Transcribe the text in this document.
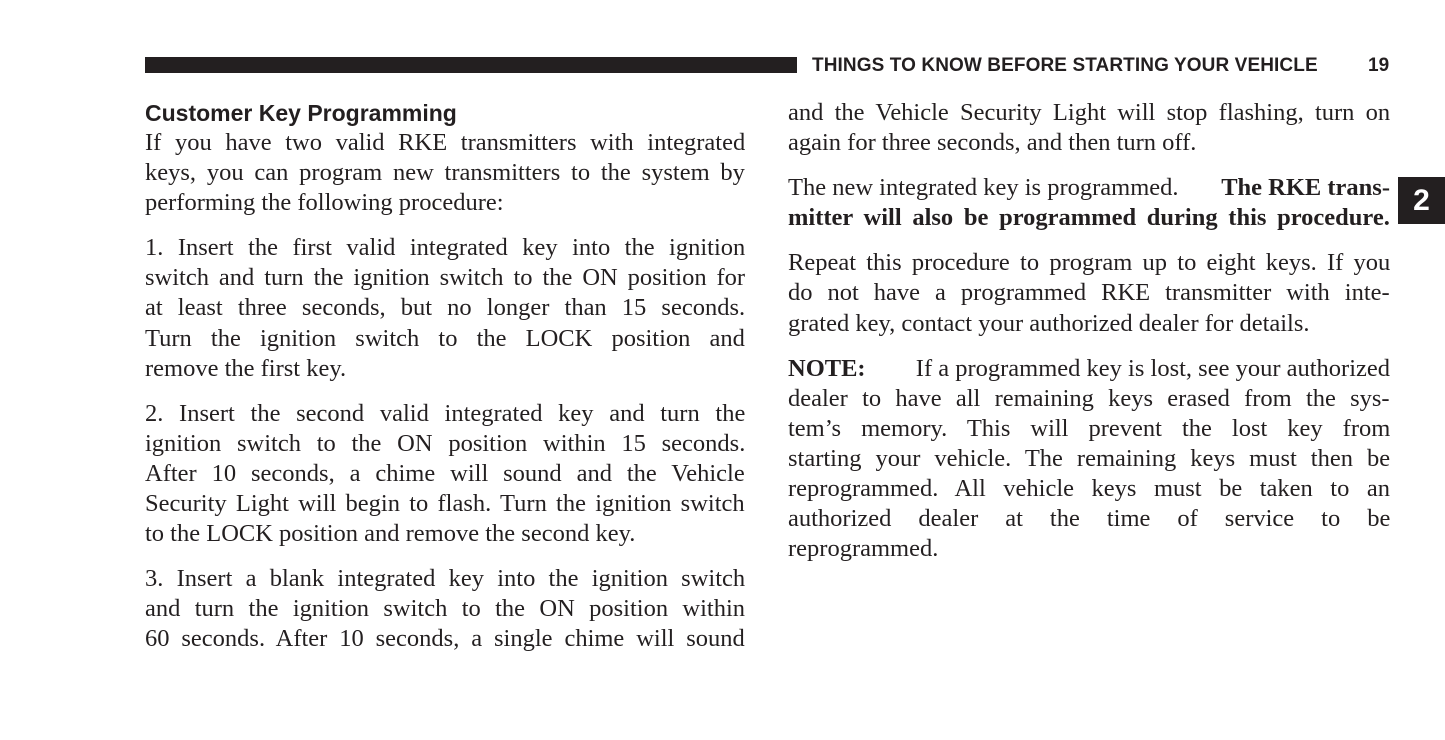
THINGS TO KNOW BEFORE STARTING YOUR VEHICLE	19
2
Customer Key Programming
If you have two valid RKE transmitters with integrated
keys, you can program new transmitters to the system by
performing the following procedure:
1. Insert the first valid integrated key into the ignition
switch and turn the ignition switch to the ON position for
at least three seconds, but no longer than 15 seconds.
Turn the ignition switch to the LOCK position and
remove the first key.
2. Insert the second valid integrated key and turn the
ignition switch to the ON position within 15 seconds.
After 10 seconds, a chime will sound and the Vehicle
Security Light will begin to flash. Turn the ignition switch
to the LOCK position and remove the second key.
3. Insert a blank integrated key into the ignition switch
and turn the ignition switch to the ON position within
60 seconds. After 10 seconds, a single chime will sound
and the Vehicle Security Light will stop flashing, turn on
again for three seconds, and then turn off.
The new integrated key is programmed. The RKE trans-
mitter will also be programmed during this procedure.
Repeat this procedure to program up to eight keys. If you
do not have a programmed RKE transmitter with inte-
grated key, contact your authorized dealer for details.
NOTE: If a programmed key is lost, see your authorized
dealer to have all remaining keys erased from the sys-
tem’s memory. This will prevent the lost key from
starting your vehicle. The remaining keys must then be
reprogrammed. All vehicle keys must be taken to an
authorized dealer at the time of service to be
reprogrammed.
